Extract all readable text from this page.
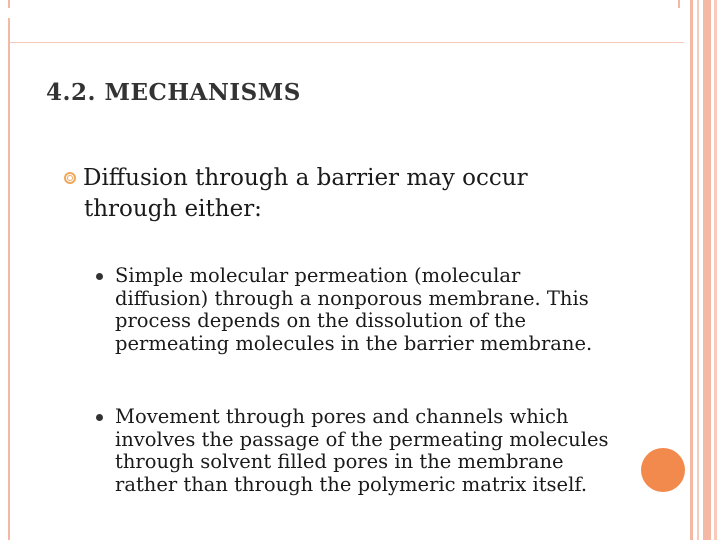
4.2. MECHANISMS
Diffusion through a barrier may occur
through either:
Simple molecular permeation (molecular
diffusion) through a nonporous membrane. This
process depends on the dissolution of the
permeating molecules in the barrier membrane.
Movement through pores and channels which
involves the passage of the permeating molecules
through solvent filled pores in the membrane
rather than through the polymeric matrix itself.
